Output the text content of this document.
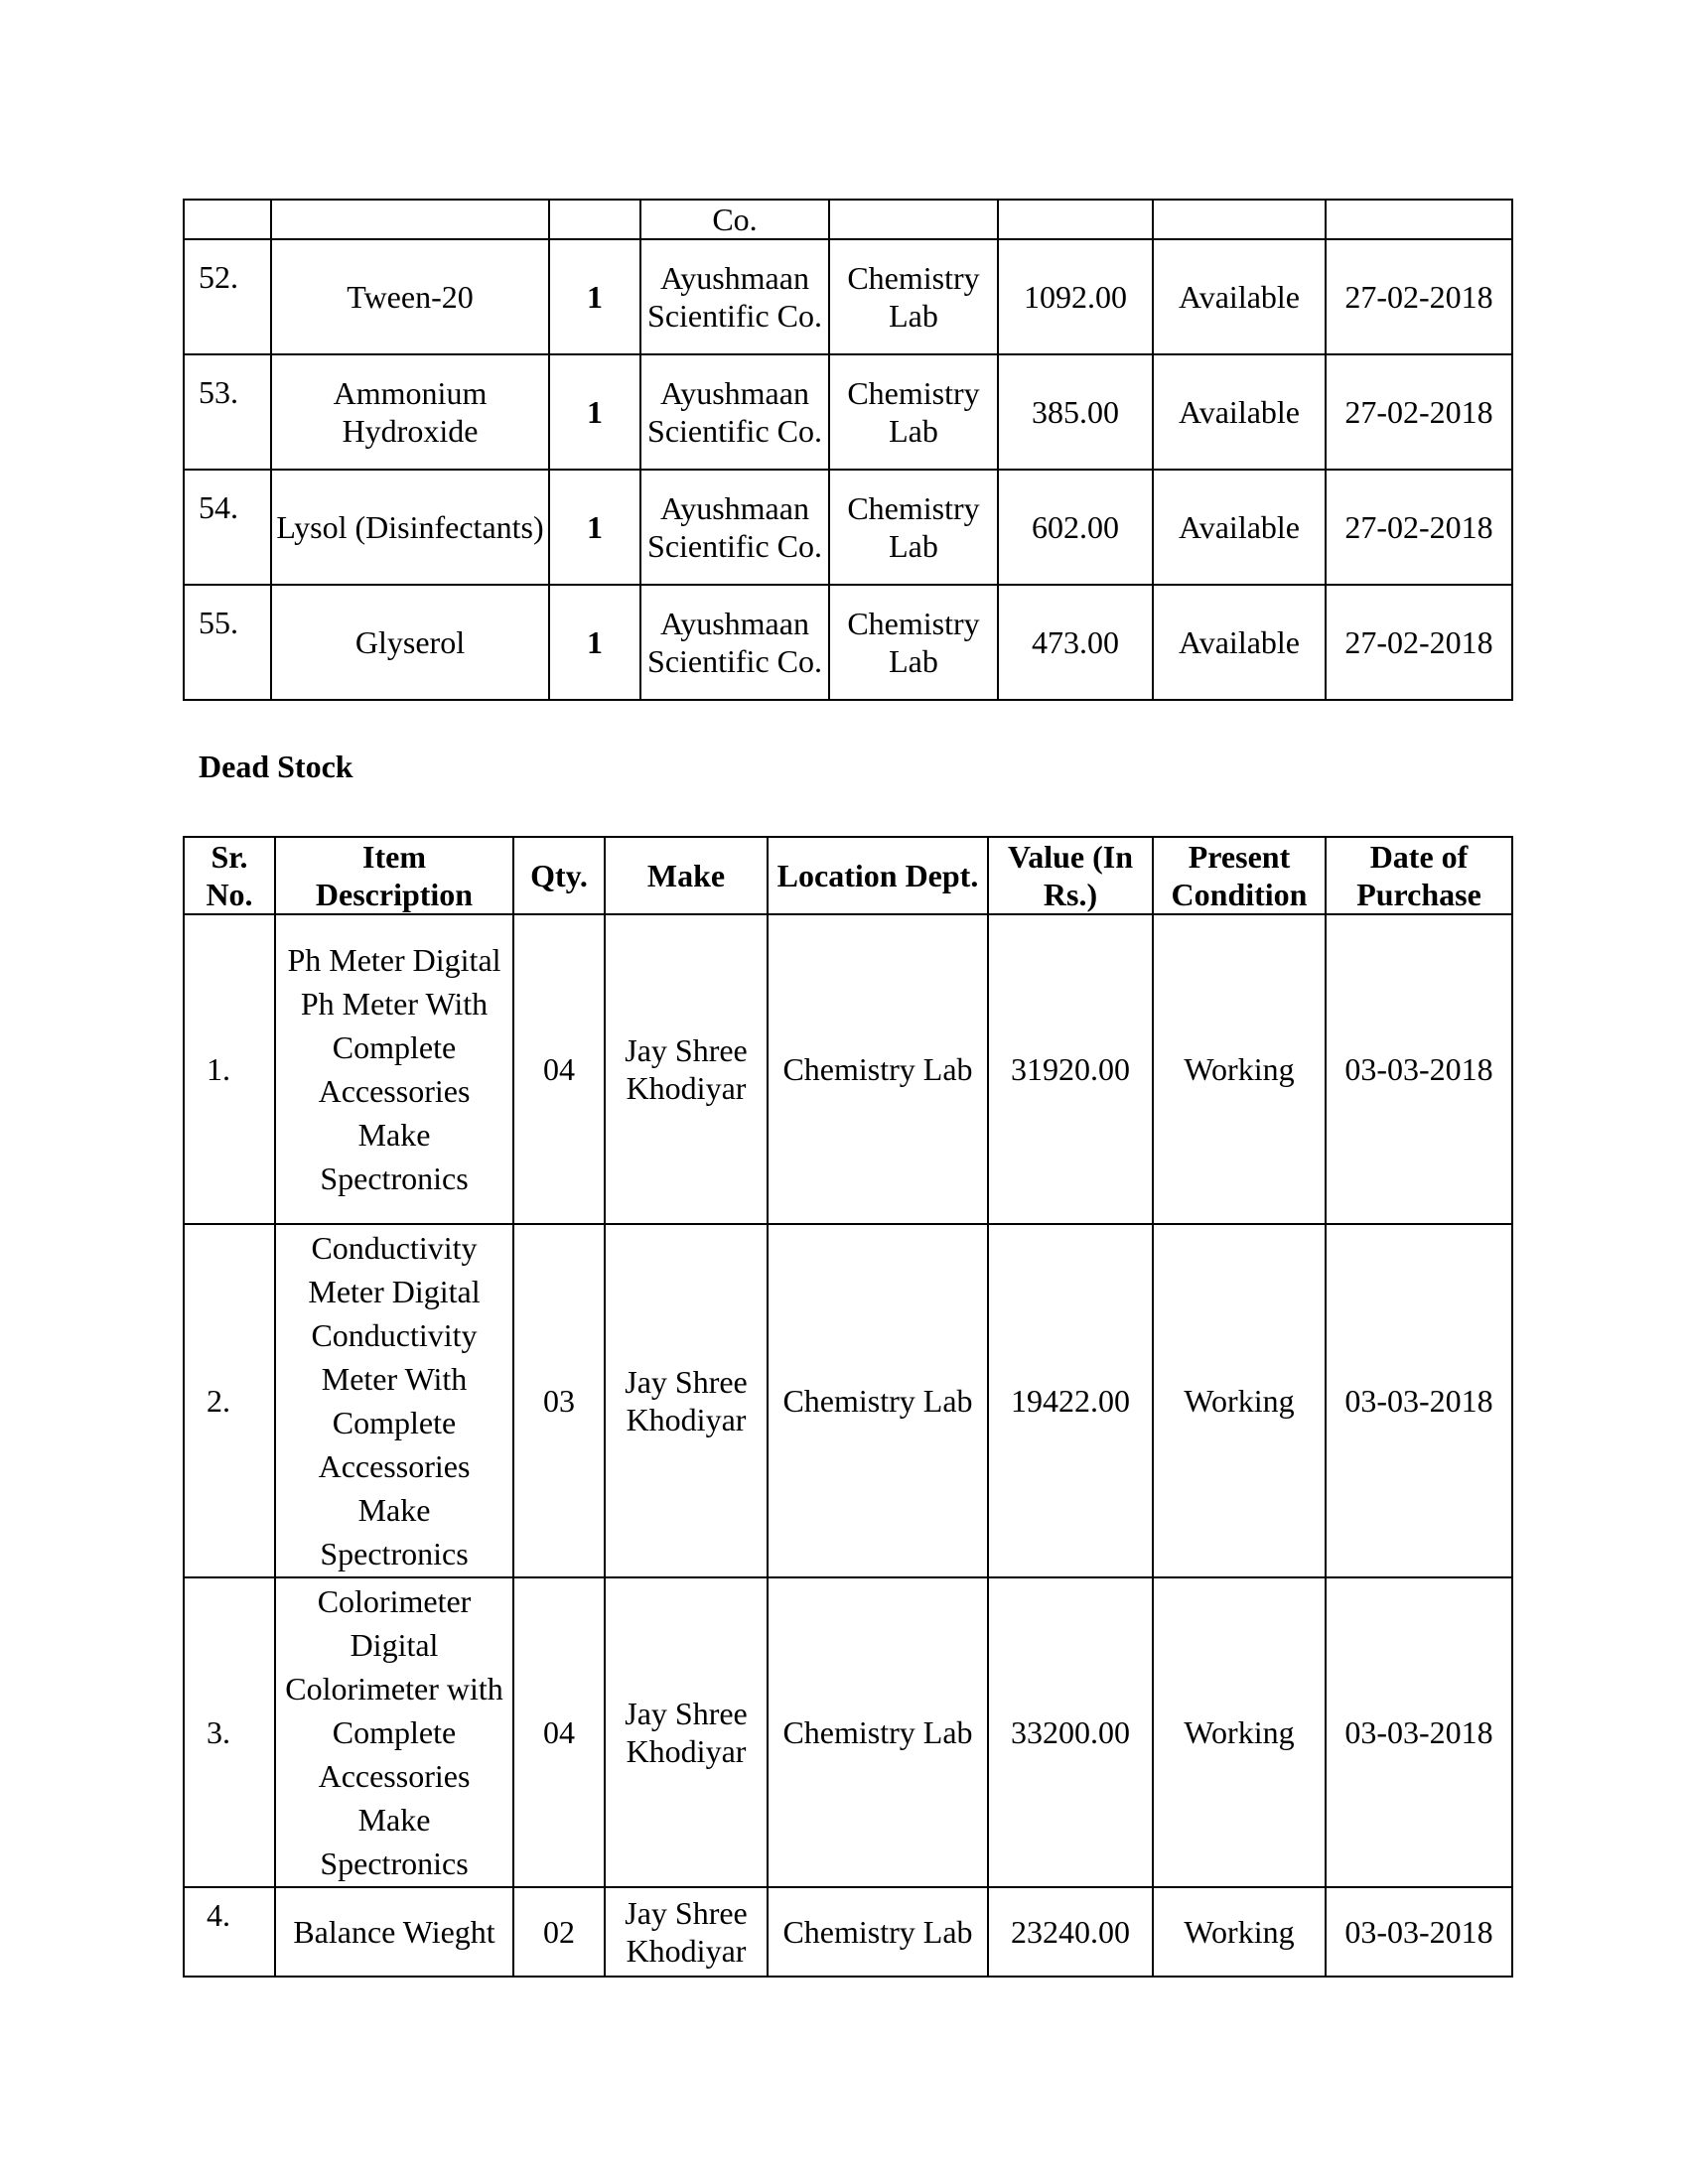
			Co.				
52.	Tween-20	1	Ayushmaan Scientific Co.	Chemistry Lab	1092.00	Available	27-02-2018
53.	Ammonium Hydroxide	1	Ayushmaan Scientific Co.	Chemistry Lab	385.00	Available	27-02-2018
54.	Lysol (Disinfectants)	1	Ayushmaan Scientific Co.	Chemistry Lab	602.00	Available	27-02-2018
55.	Glyserol	1	Ayushmaan Scientific Co.	Chemistry Lab	473.00	Available	27-02-2018
Dead Stock
Sr. No.	Item Description	Qty.	Make	Location Dept.	Value (In Rs.)	Present Condition	Date of Purchase
1.	Ph Meter Digital Ph Meter With Complete Accessories Make Spectronics	04	Jay Shree Khodiyar	Chemistry Lab	31920.00	Working	03-03-2018
2.	Conductivity Meter Digital Conductivity Meter With Complete Accessories Make Spectronics	03	Jay Shree Khodiyar	Chemistry Lab	19422.00	Working	03-03-2018
3.	Colorimeter Digital Colorimeter with Complete Accessories Make Spectronics	04	Jay Shree Khodiyar	Chemistry Lab	33200.00	Working	03-03-2018
4.	Balance Wieght	02	Jay Shree Khodiyar	Chemistry Lab	23240.00	Working	03-03-2018
